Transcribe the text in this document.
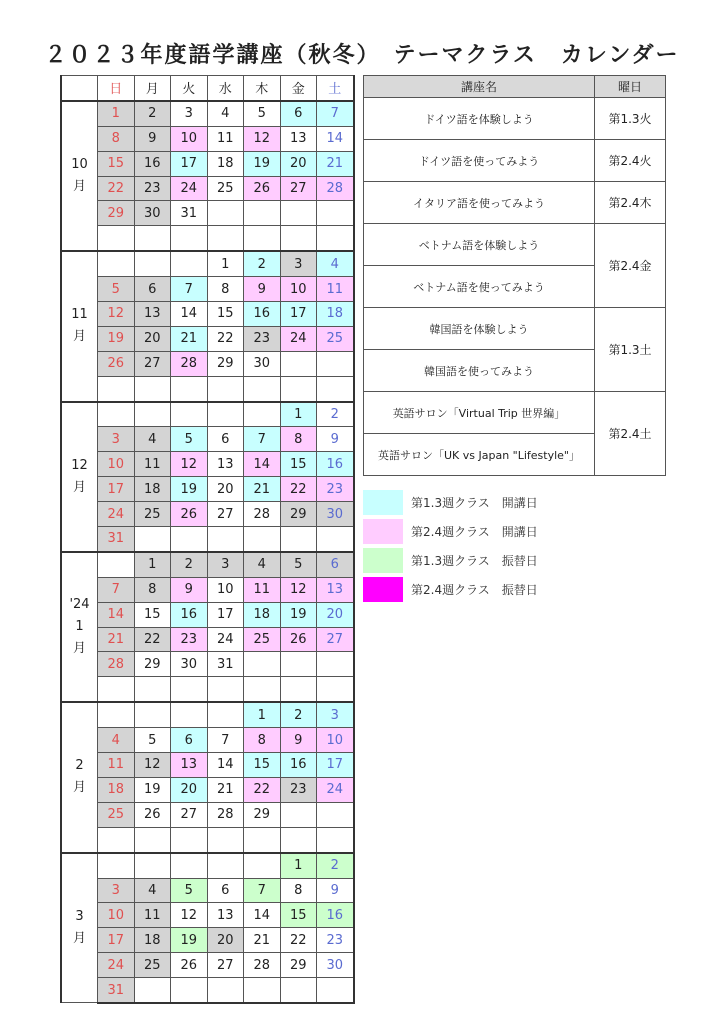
２０２３年度語学講座（秋冬）　テーマクラス　カレンダー
	日	月	火	水	木	金	土
10
月	1	2	3	4	5	6	7
	8	9	10	11	12	13	14
	15	16	17	18	19	20	21
	22	23	24	25	26	27	28
	29	30	31				

11
月				1	2	3	4
	5	6	7	8	9	10	11
	12	13	14	15	16	17	18
	19	20	21	22	23	24	25
	26	27	28	29	30		

12
月						1	2
	3	4	5	6	7	8	9
	10	11	12	13	14	15	16
	17	18	19	20	21	22	23
	24	25	26	27	28	29	30
	31						
'24
1
月		1	2	3	4	5	6
	7	8	9	10	11	12	13
	14	15	16	17	18	19	20
	21	22	23	24	25	26	27
	28	29	30	31			

2
月					1	2	3
	4	5	6	7	8	9	10
	11	12	13	14	15	16	17
	18	19	20	21	22	23	24
	25	26	27	28	29		

3
月						1	2
	3	4	5	6	7	8	9
	10	11	12	13	14	15	16
	17	18	19	20	21	22	23
	24	25	26	27	28	29	30
	31						
講座名	曜日
ドイツ語を体験しよう	第1.3火
ドイツ語を使ってみよう	第2.4火
イタリア語を使ってみよう	第2.4木
ベトナム語を体験しよう	第2.4金
ベトナム語を使ってみよう	
韓国語を体験しよう	第1.3土
韓国語を使ってみよう	
英語サロン「Virtual Trip 世界編」	第2.4土
英語サロン「UK vs Japan "Lifestyle"」	
第1.3週クラス　開講日
第2.4週クラス　開講日
第1.3週クラス　振替日
第2.4週クラス　振替日
